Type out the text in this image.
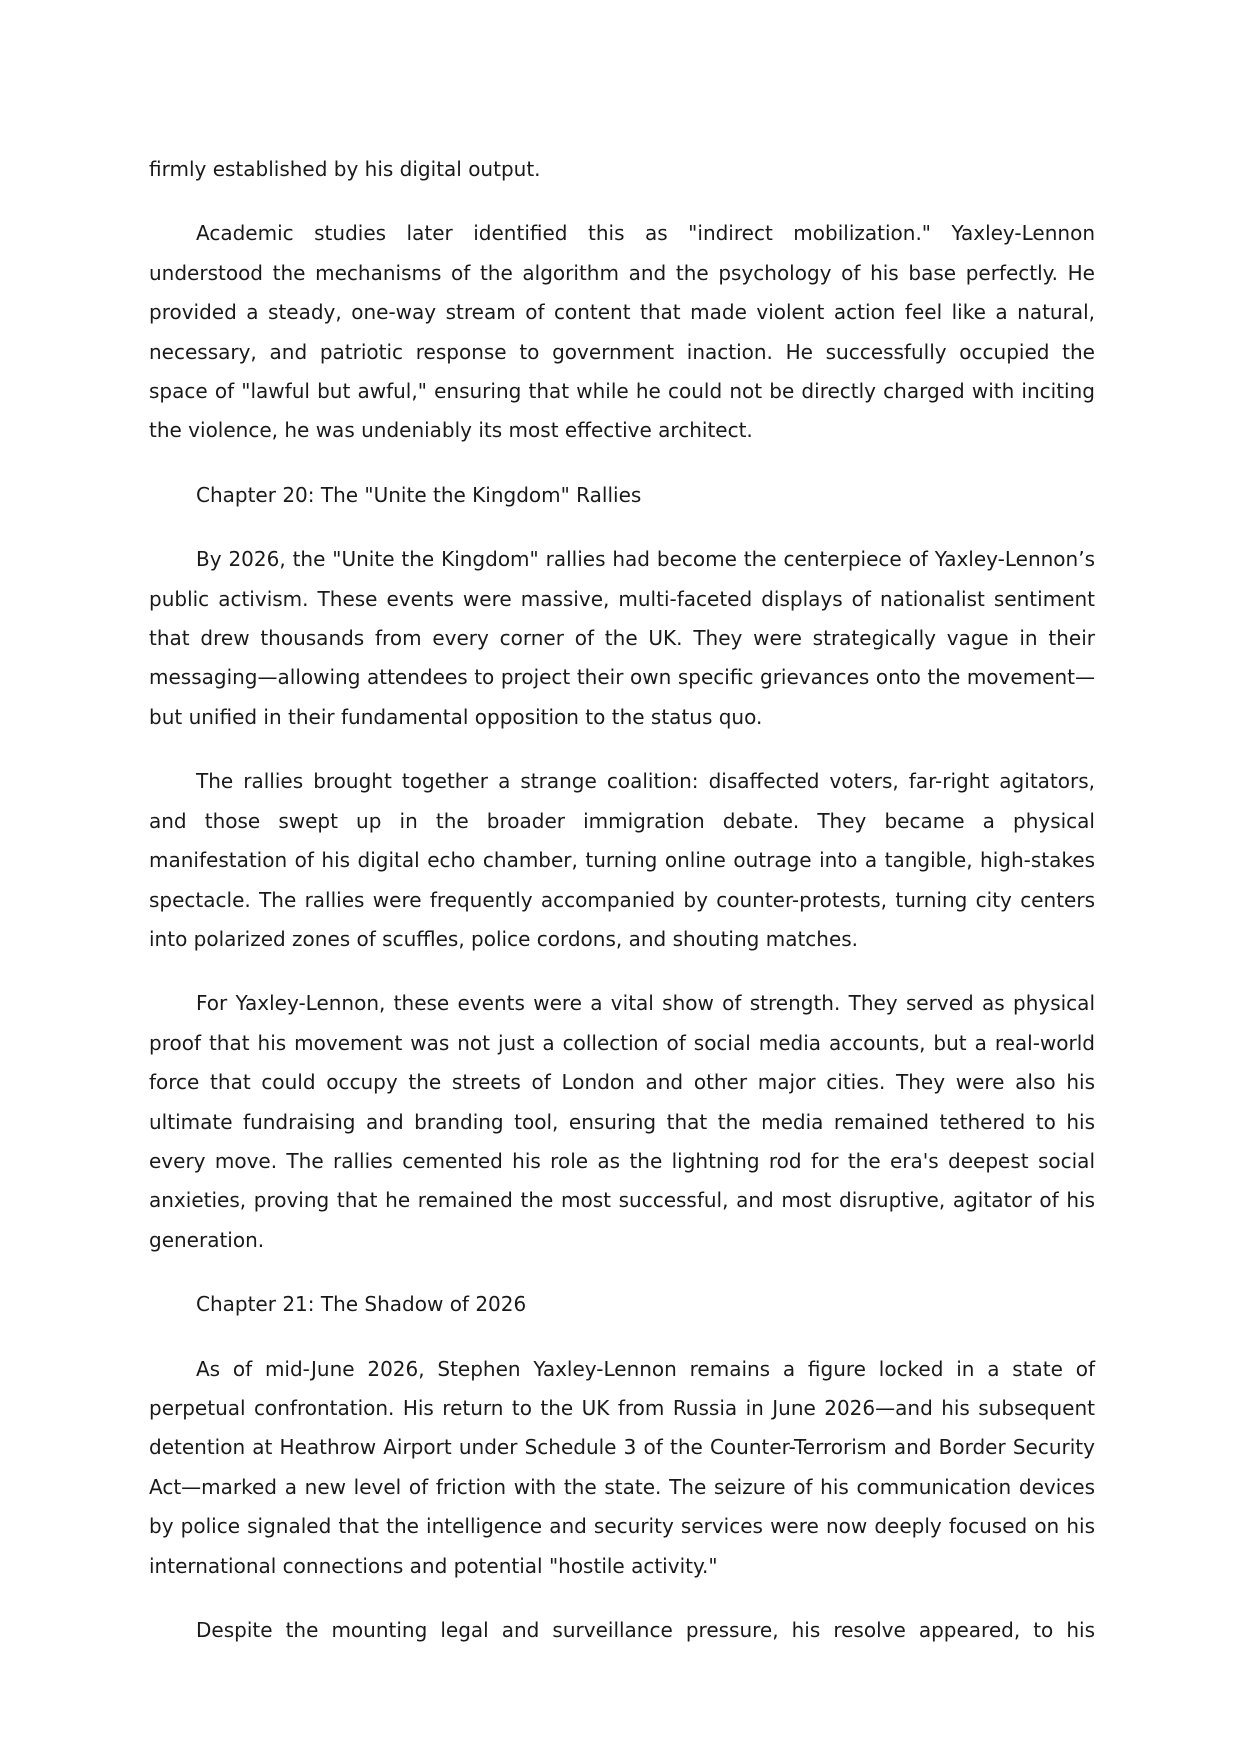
firmly established by his digital output.

Academic studies later identified this as "indirect mobilization." Yaxley-Lennon understood the mechanisms of the algorithm and the psychology of his base perfectly. He provided a steady, one-way stream of content that made violent action feel like a natural, necessary, and patriotic response to government inaction. He successfully occupied the space of "lawful but awful," ensuring that while he could not be directly charged with inciting the violence, he was undeniably its most effective architect.

Chapter 20: The "Unite the Kingdom" Rallies

By 2026, the "Unite the Kingdom" rallies had become the centerpiece of Yaxley-Lennon’s public activism. These events were massive, multi-faceted displays of nationalist sentiment that drew thousands from every corner of the UK. They were strategically vague in their messaging—allowing attendees to project their own specific grievances onto the movement—but unified in their fundamental opposition to the status quo.

The rallies brought together a strange coalition: disaffected voters, far-right agitators, and those swept up in the broader immigration debate. They became a physical manifestation of his digital echo chamber, turning online outrage into a tangible, high-stakes spectacle. The rallies were frequently accompanied by counter-protests, turning city centers into polarized zones of scuffles, police cordons, and shouting matches.

For Yaxley-Lennon, these events were a vital show of strength. They served as physical proof that his movement was not just a collection of social media accounts, but a real-world force that could occupy the streets of London and other major cities. They were also his ultimate fundraising and branding tool, ensuring that the media remained tethered to his every move. The rallies cemented his role as the lightning rod for the era's deepest social anxieties, proving that he remained the most successful, and most disruptive, agitator of his generation.

Chapter 21: The Shadow of 2026

As of mid-June 2026, Stephen Yaxley-Lennon remains a figure locked in a state of perpetual confrontation. His return to the UK from Russia in June 2026—and his subsequent detention at Heathrow Airport under Schedule 3 of the Counter-Terrorism and Border Security Act—marked a new level of friction with the state. The seizure of his communication devices by police signaled that the intelligence and security services were now deeply focused on his international connections and potential "hostile activity."

Despite the mounting legal and surveillance pressure, his resolve appeared, to his
